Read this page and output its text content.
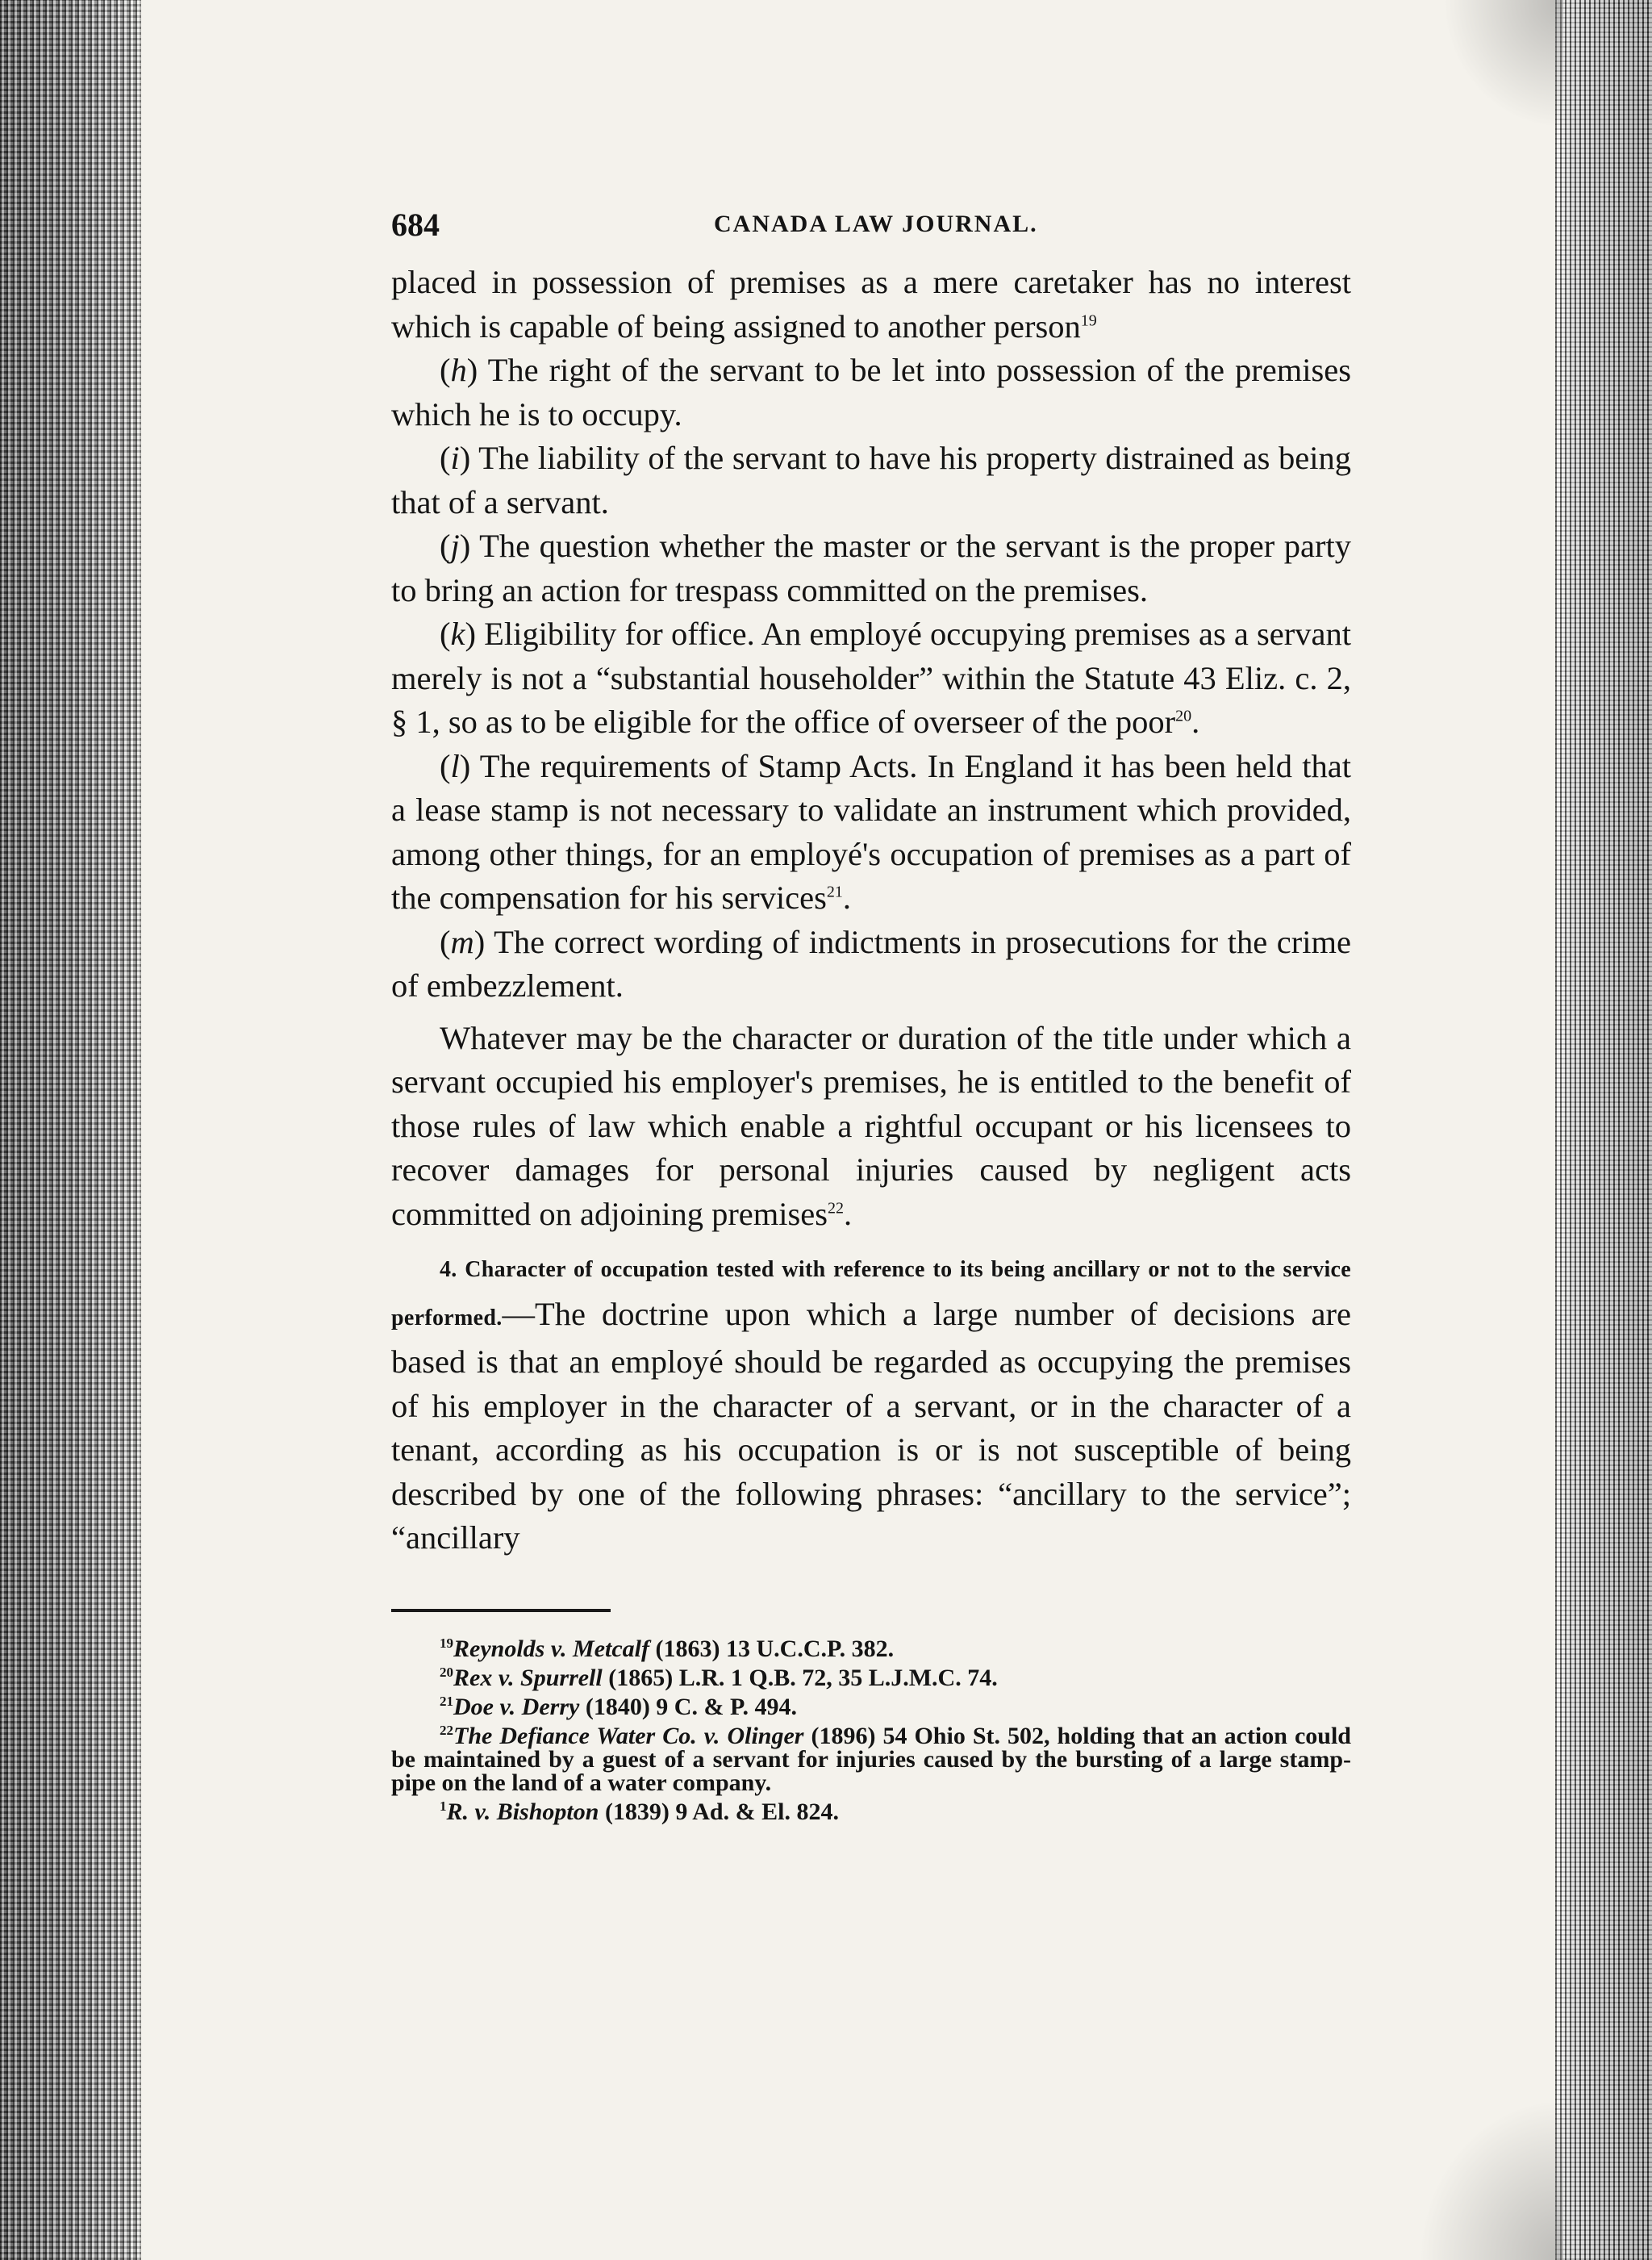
684	CANADA LAW JOURNAL.

placed in possession of premises as a mere caretaker has no interest which is capable of being assigned to another person$^{19}$

(h) The right of the servant to be let into possession of the premises which he is to occupy.

(i) The liability of the servant to have his property distrained as being that of a servant.

(j) The question whether the master or the servant is the proper party to bring an action for trespass committed on the premises.

(k) Eligibility for office. An employé occupying premises as a servant merely is not a “substantial householder” within the Statute 43 Eliz. c. 2, § 1, so as to be eligible for the office of overseer of the poor$^{20}$.

(l) The requirements of Stamp Acts. In England it has been held that a lease stamp is not necessary to validate an instrument which provided, among other things, for an employé's occupation of premises as a part of the compensation for his services$^{21}$.

(m) The correct wording of indictments in prosecutions for the crime of embezzlement.

Whatever may be the character or duration of the title under which a servant occupied his employer's premises, he is entitled to the benefit of those rules of law which enable a rightful occupant or his licensees to recover damages for personal injuries caused by negligent acts committed on adjoining premises$^{22}$.

4. Character of occupation tested with reference to its being ancillary or not to the service performed.—The doctrine upon which a large number of decisions are based is that an employé should be regarded as occupying the premises of his employer in the character of a servant, or in the character of a tenant, according as his occupation is or is not susceptible of being described by one of the following phrases: “ancillary to the service”; “ancillary

$^{19}$Reynolds v. Metcalf (1863) 13 U.C.C.P. 382.

$^{20}$Rex v. Spurrell (1865) L.R. 1 Q.B. 72, 35 L.J.M.C. 74.

$^{21}$Doe v. Derry (1840) 9 C. & P. 494.

$^{22}$The Defiance Water Co. v. Olinger (1896) 54 Ohio St. 502, holding that an action could be maintained by a guest of a servant for injuries caused by the bursting of a large stamp-pipe on the land of a water company.

$^1$R. v. Bishopton (1839) 9 Ad. & El. 824.
